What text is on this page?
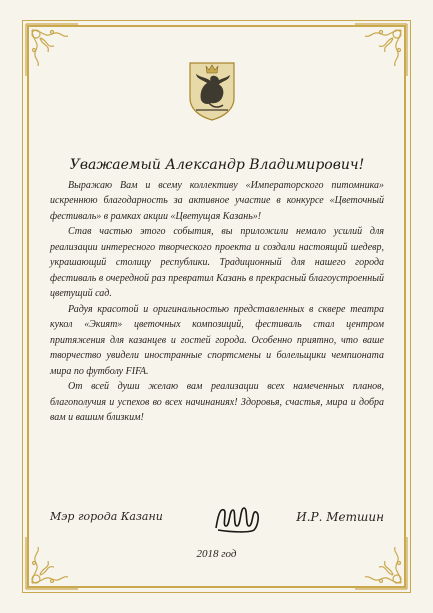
Уважаемый Александр Владимирович!

Выражаю Вам и всему коллективу «Императорского питомника» искреннюю благодарность за активное участие в конкурсе «Цветочный фестиваль» в рамках акции «Цветущая Казань»!

Став частью этого события, вы приложили немало усилий для реализации интересного творческого проекта и создали настоящий шедевр, украшающий столицу республики. Традиционный для нашего города фестиваль в очередной раз превратил Казань в прекрасный благоустроенный цветущий сад.

Радуя красотой и оригинальностью представленных в сквере театра кукол «Экият» цветочных композиций, фестиваль стал центром притяжения для казанцев и гостей города. Особенно приятно, что ваше творчество увидели иностранные спортсмены и болельщики чемпионата мира по футболу FIFA.

От всей души желаю вам реализации всех намеченных планов, благополучия и успехов во всех начинаниях! Здоровья, счастья, мира и добра вам и вашим близким!

Мэр города Казани	И.Р. Метшин
2018 год
